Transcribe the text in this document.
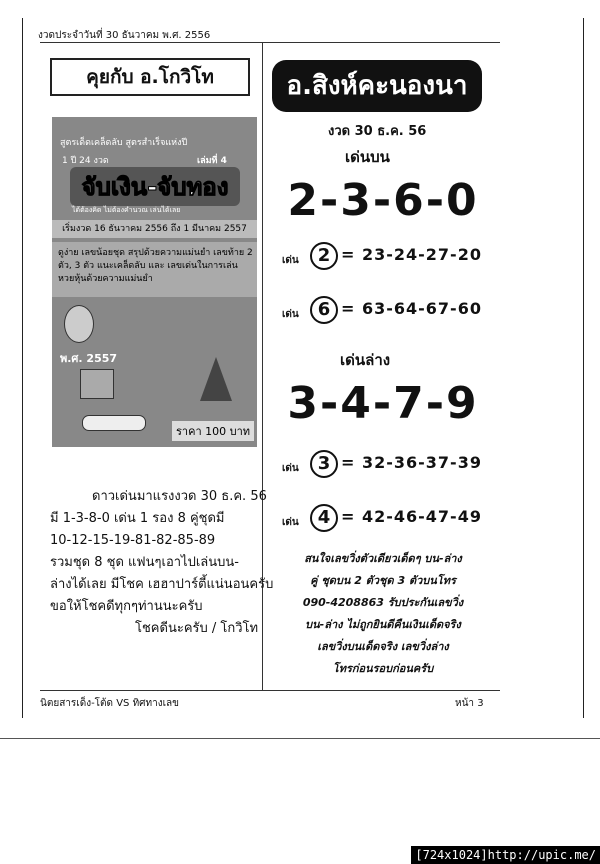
งวดประจำวันที่ 30 ธันวาคม พ.ศ. 2556
คุยกับ อ.โกวิโท
สูตรเด็ดเคล็ดลับ สูตรสำเร็จแห่งปี
1 ปี 24 งวด	เล่มที่ 4
จับเงิน-จับทอง
ได้ต้องคิด ไม่ต้องคำนวณ เล่นได้เลย
เริ่มงวด 16 ธันวาคม 2556 ถึง 1 มีนาคม 2557
ดูง่าย เลขน้อยชุด สรุปด้วยความแม่นยำ เลขท้าย 2 ตัว, 3 ตัว แนะเคล็ดลับ และ เลขเด่นในการเล่นหวยหุ้นด้วยความแม่นยำ
พ.ศ. 2557
ราคา 100 บาท
ดาวเด่นมาแรงงวด 30 ธ.ค. 56
มี 1-3-8-0 เด่น 1 รอง 8 คู่ชุดมี
10-12-15-19-81-82-85-89
รวมชุด 8 ชุด แฟนๆเอาไปเล่นบน-
ล่างได้เลย มีโชค เฮฮาปาร์ตี้แน่นอนครับ
ขอให้โชคดีทุกๆท่านนะครับ
โชคดีนะครับ / โกวิโท
อ.สิงห์คะนองนา
งวด 30 ธ.ค. 56
เด่นบน
2-3-6-0
เด่น	2 = 23-24-27-20
เด่น	6 = 63-64-67-60
เด่นล่าง
3-4-7-9
เด่น	3 = 32-36-37-39
เด่น	4 = 42-46-47-49
สนใจเลขวิ่งตัวเดียวเด็ดๆ บน-ล่าง
คู่ ชุดบน 2 ตัวชุด 3 ตัวบนโทร
090-4208863 รับประกันเลขวิ่ง
บน-ล่าง ไม่ถูกยินดีคืนเงินเด็ดจริง
เลขวิ่งบนเด็ดจริง เลขวิ่งล่าง
โทรก่อนรอบก่อนครับ
นิตยสารเด็ง-โต้ด VS ทิศทางเลข	หน้า 3
[724x1024]http://upic.me/
